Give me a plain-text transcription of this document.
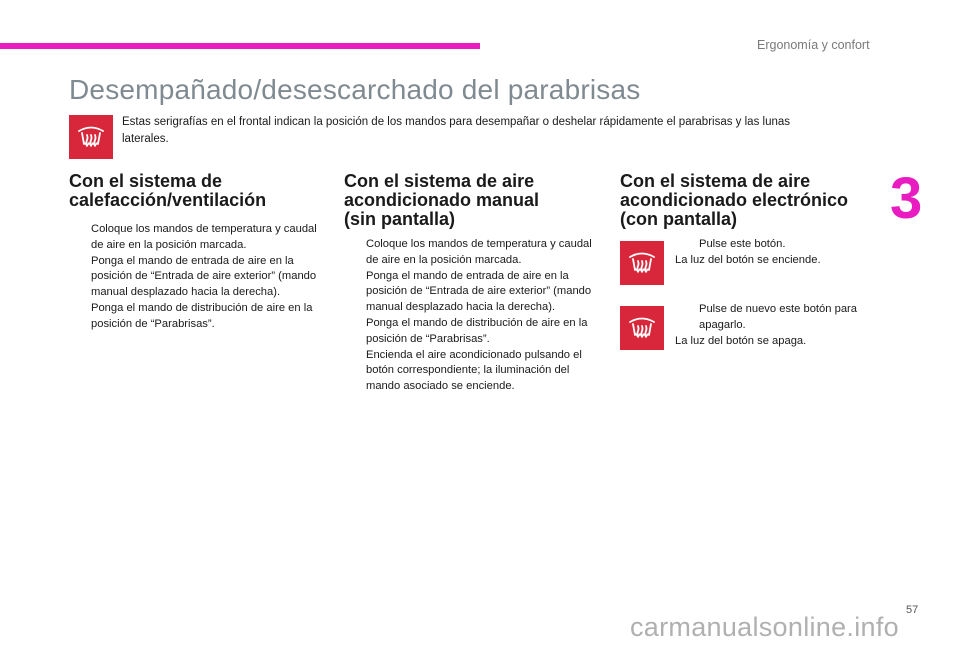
Ergonomía y confort
3
Desempañado/desescarchado del parabrisas

Estas serigrafías en el frontal indican la posición de los mandos para desempañar o deshelar rápidamente el parabrisas y las lunas laterales.

Con el sistema de
calefacción/ventilación
Coloque los mandos de temperatura y caudal de aire en la posición marcada.
Ponga el mando de entrada de aire en la posición de “Entrada de aire exterior” (mando manual desplazado hacia la derecha).
Ponga el mando de distribución de aire en la posición de “Parabrisas”.
Con el sistema de aire
acondicionado manual
(sin pantalla)
Coloque los mandos de temperatura y caudal de aire en la posición marcada.
Ponga el mando de entrada de aire en la posición de “Entrada de aire exterior” (mando manual desplazado hacia la derecha).
Ponga el mando de distribución de aire en la posición de “Parabrisas”.
Encienda el aire acondicionado pulsando el botón correspondiente; la iluminación del mando asociado se enciende.
Con el sistema de aire
acondicionado electrónico
(con pantalla)
Pulse este botón.
La luz del botón se enciende.
Pulse de nuevo este botón para apagarlo.
La luz del botón se apaga.
57
carmanualsonline.info
